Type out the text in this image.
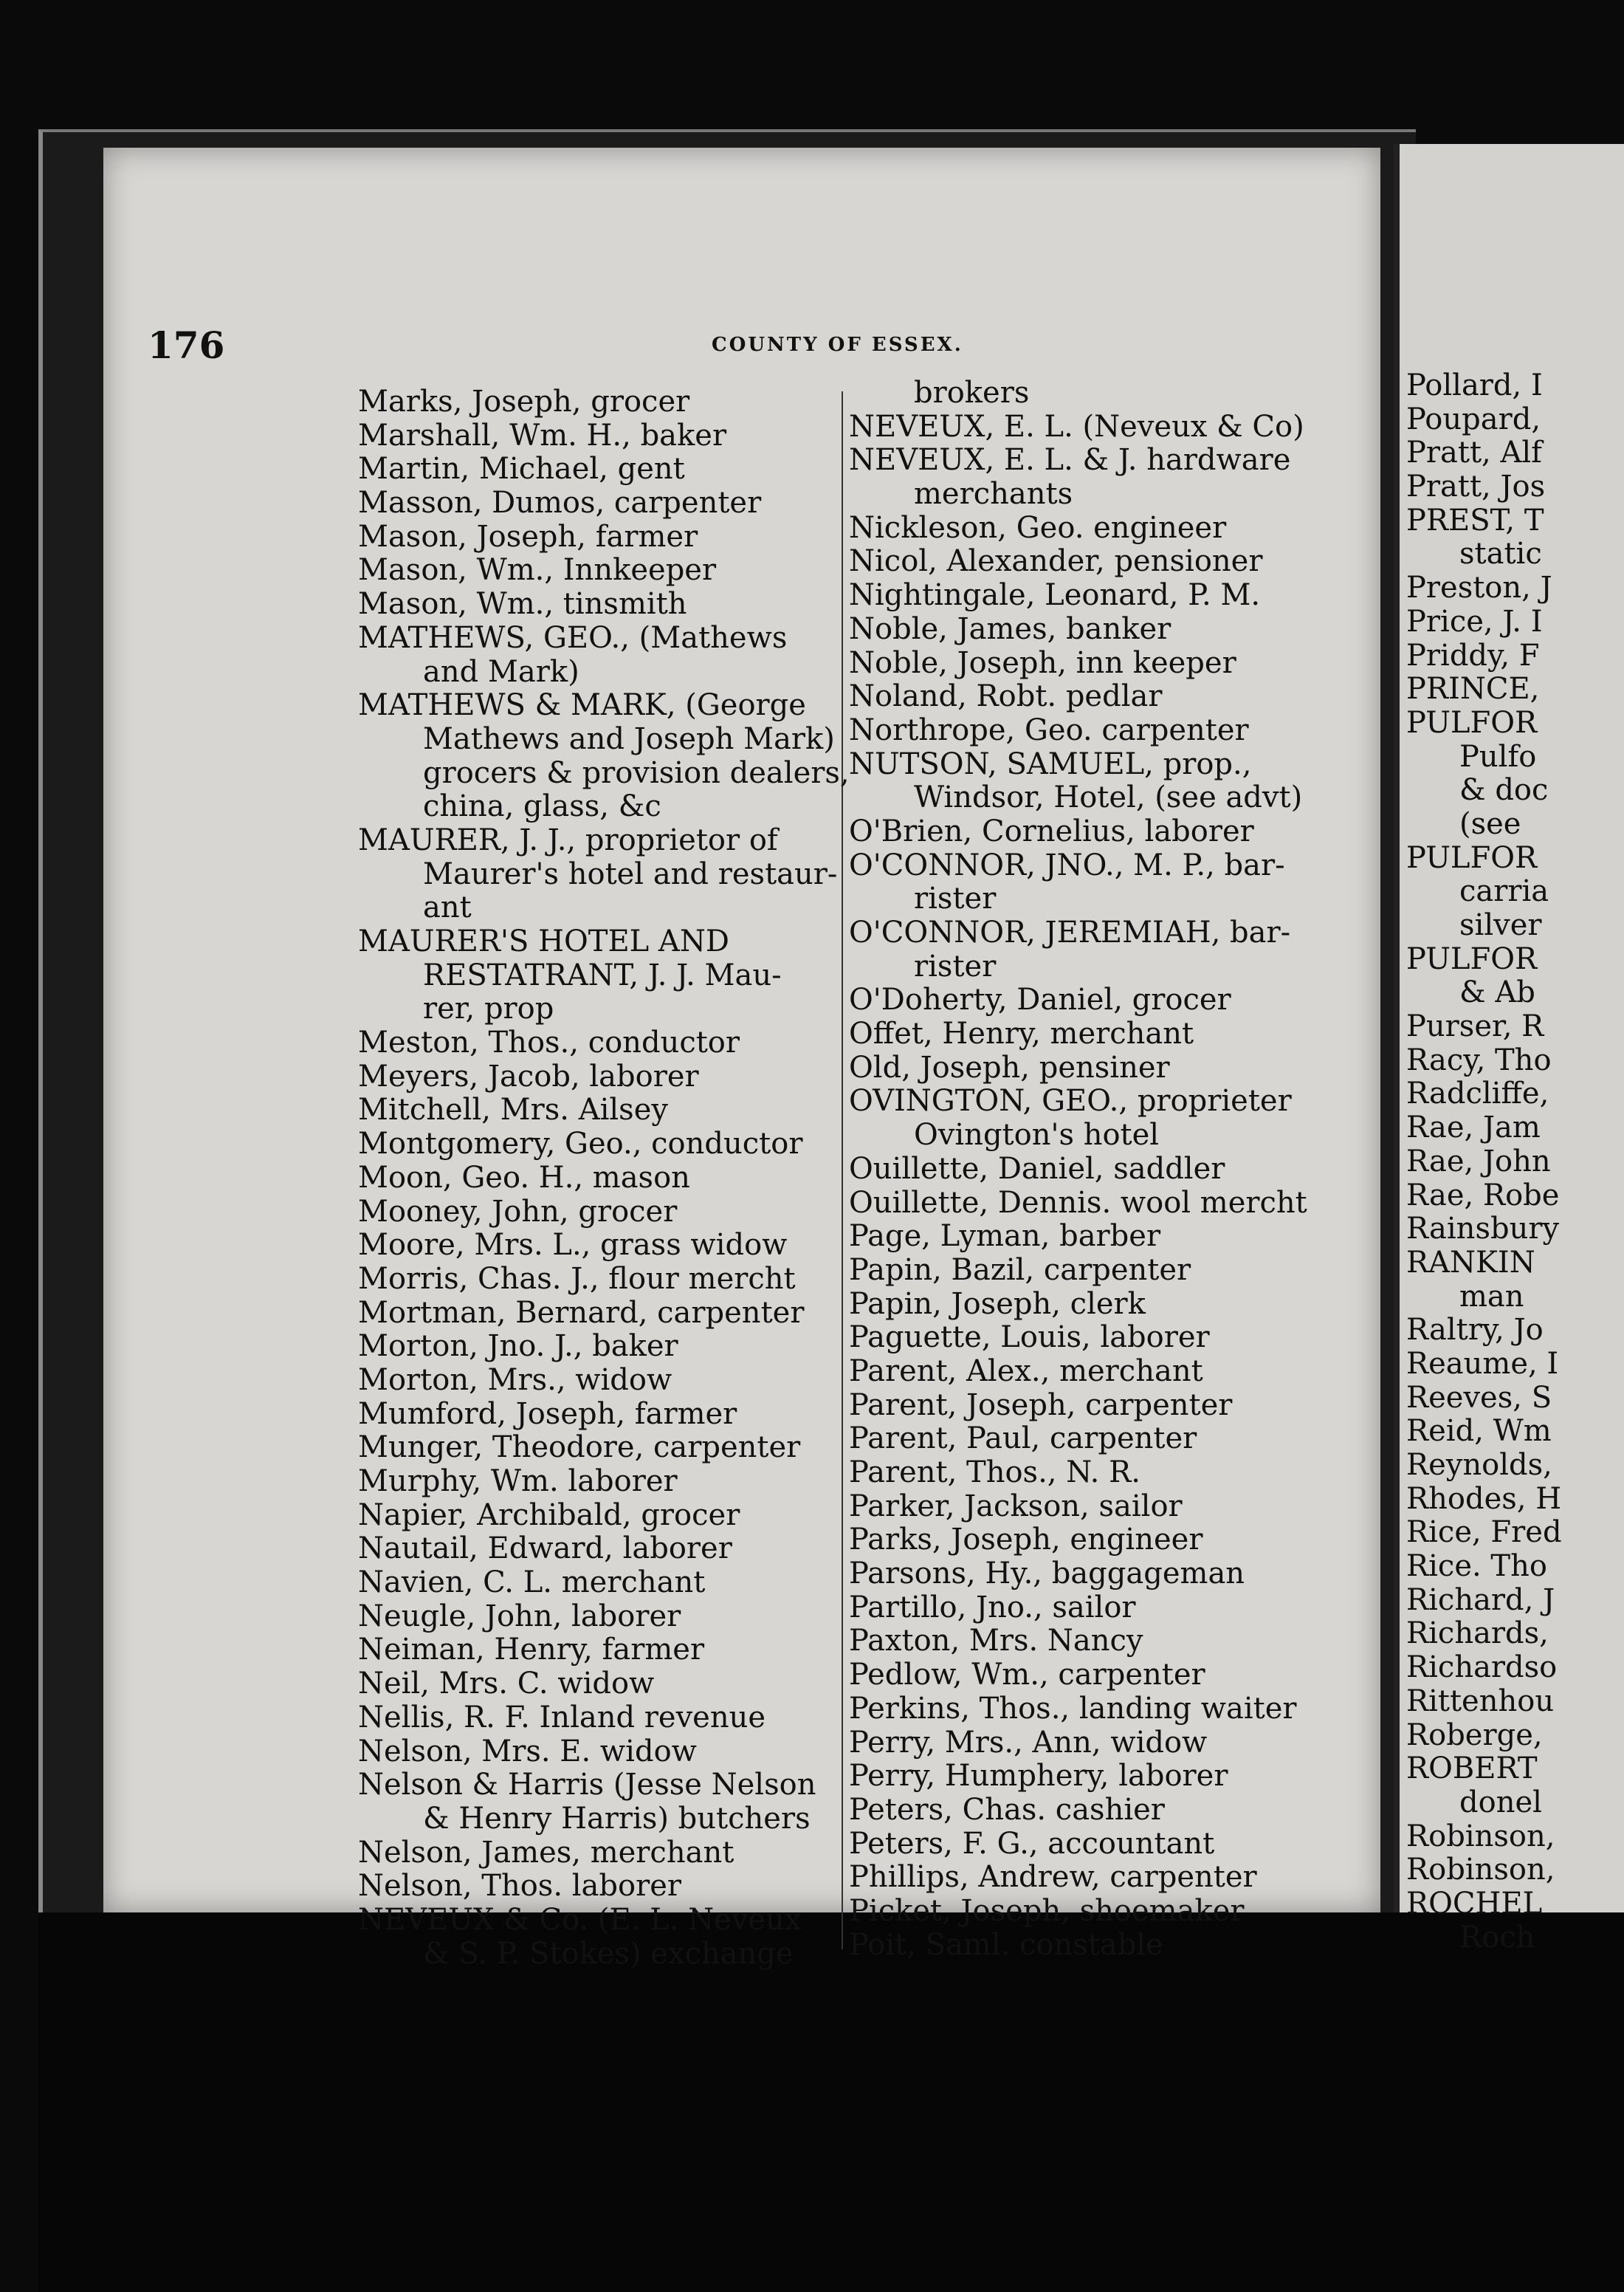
176	COUNTY OF ESSEX.
Marks, Joseph, grocer
Marshall, Wm. H., baker
Martin, Michael, gent
Masson, Dumos, carpenter
Mason, Joseph, farmer
Mason, Wm., Innkeeper
Mason, Wm., tinsmith
MATHEWS, GEO., (Mathews
and Mark)
MATHEWS & MARK, (George
Mathews and Joseph Mark)
grocers & provision dealers,
china, glass, &c
MAURER, J. J., proprietor of
Maurer's hotel and restaur-
ant
MAURER'S HOTEL AND
RESTATRANT, J. J. Mau-
rer, prop
Meston, Thos., conductor
Meyers, Jacob, laborer
Mitchell, Mrs. Ailsey
Montgomery, Geo., conductor
Moon, Geo. H., mason
Mooney, John, grocer
Moore, Mrs. L., grass widow
Morris, Chas. J., flour mercht
Mortman, Bernard, carpenter
Morton, Jno. J., baker
Morton, Mrs., widow
Mumford, Joseph, farmer
Munger, Theodore, carpenter
Murphy, Wm. laborer
Napier, Archibald, grocer
Nautail, Edward, laborer
Navien, C. L. merchant
Neugle, John, laborer
Neiman, Henry, farmer
Neil, Mrs. C. widow
Nellis, R. F. Inland revenue
Nelson, Mrs. E. widow
Nelson & Harris (Jesse Nelson
& Henry Harris) butchers
Nelson, James, merchant
Nelson, Thos. laborer
NEVEUX & Co. (E. L. Neveux
& S. P. Stokes) exchange
brokers
NEVEUX, E. L. (Neveux & Co)
NEVEUX, E. L. & J. hardware
merchants
Nickleson, Geo. engineer
Nicol, Alexander, pensioner
Nightingale, Leonard, P. M.
Noble, James, banker
Noble, Joseph, inn keeper
Noland, Robt. pedlar
Northrope, Geo. carpenter
NUTSON, SAMUEL, prop.,
Windsor, Hotel, (see advt)
O'Brien, Cornelius, laborer
O'CONNOR, JNO., M. P., bar-
rister
O'CONNOR, JEREMIAH, bar-
rister
O'Doherty, Daniel, grocer
Offet, Henry, merchant
Old, Joseph, pensiner
OVINGTON, GEO., proprieter
Ovington's hotel
Ouillette, Daniel, saddler
Ouillette, Dennis. wool mercht
Page, Lyman, barber
Papin, Bazil, carpenter
Papin, Joseph, clerk
Paguette, Louis, laborer
Parent, Alex., merchant
Parent, Joseph, carpenter
Parent, Paul, carpenter
Parent, Thos., N. R.
Parker, Jackson, sailor
Parks, Joseph, engineer
Parsons, Hy., baggageman
Partillo, Jno., sailor
Paxton, Mrs. Nancy
Pedlow, Wm., carpenter
Perkins, Thos., landing waiter
Perry, Mrs., Ann, widow
Perry, Humphery, laborer
Peters, Chas. cashier
Peters, F. G., accountant
Phillips, Andrew, carpenter
Picket, Joseph, shoemaker
Poit, Saml. constable
Pollard, I
Poupard,
Pratt, Alf
Pratt, Jos
PREST, T
static
Preston, J
Price, J. I
Priddy, F
PRINCE,
PULFOR
Pulfo
& doc
(see
PULFOR
carria
silver
PULFOR
& Ab
Purser, R
Racy, Tho
Radcliffe,
Rae, Jam
Rae, John
Rae, Robe
Rainsbury
RANKIN
man
Raltry, Jo
Reaume, I
Reeves, S
Reid, Wm
Reynolds,
Rhodes, H
Rice, Fred
Rice. Tho
Richard, J
Richards,
Richardso
Rittenhou
Roberge,
ROBERT
donel
Robinson,
Robinson,
ROCHEL
Roch
